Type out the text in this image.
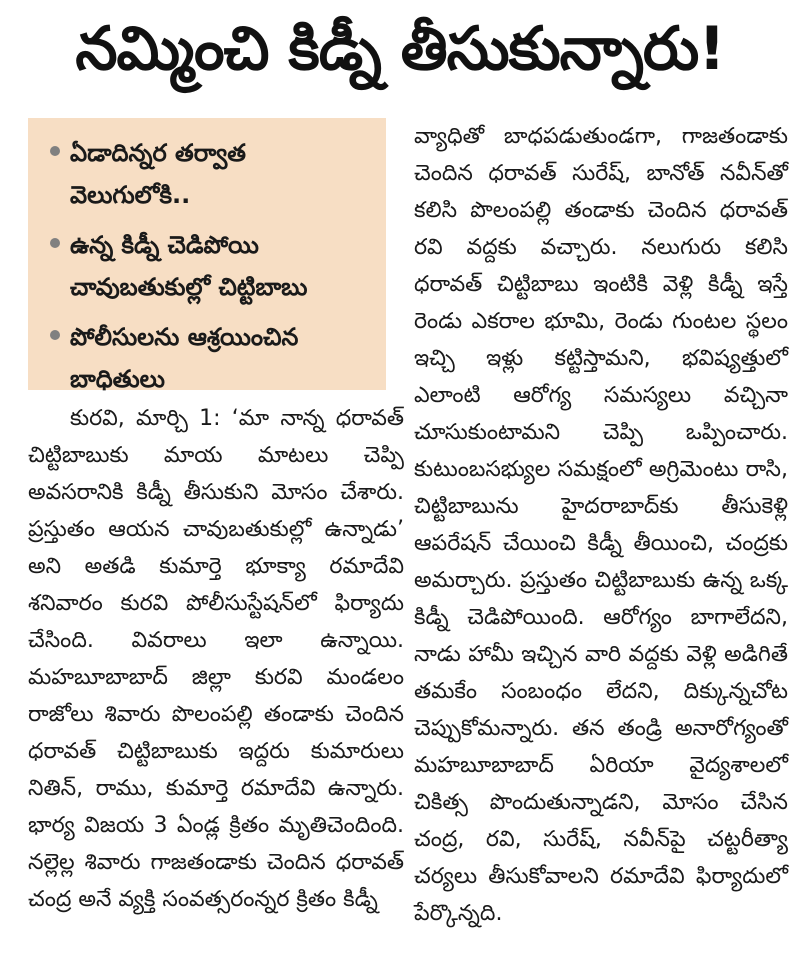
నమ్మించి కిడ్నీ తీసుకున్నారు!
ఏడాదిన్నర తర్వాత వెలుగులోకి..
ఉన్న కిడ్నీ చెడిపోయి చావుబతుకుల్లో చిట్టిబాబు
పోలీసులను ఆశ్రయించిన బాధితులు

కురవి, మార్చి 1: ‘మా నాన్న ధరావత్ చిట్టిబాబుకు మాయ మాటలు చెప్పి అవసరానికి కిడ్నీ తీసుకుని మోసం చేశారు. ప్రస్తుతం ఆయన చావుబతుకుల్లో ఉన్నాడు’ అని అతడి కుమార్తె భూక్యా రమాదేవి శనివారం కురవి పోలీసుస్టేషన్‌లో ఫిర్యాదు చేసింది. వివరాలు ఇలా ఉన్నాయి. మహబూబాబాద్ జిల్లా కురవి మండలం రాజోలు శివారు పొలంపల్లి తండాకు చెందిన ధరావత్ చిట్టిబాబుకు ఇద్దరు కుమారులు నితిన్, రాము, కుమార్తె రమాదేవి ఉన్నారు. భార్య విజయ 3 ఏండ్ల క్రితం మృతిచెందింది. నల్లెల్ల శివారు గాజతండాకు చెందిన ధరావత్ చంద్ర అనే వ్యక్తి సంవత్సరంన్నర క్రితం కిడ్నీ

వ్యాధితో బాధపడుతుండగా, గాజతండాకు చెందిన ధరావత్ సురేష్, బానోత్ నవీన్‌తో కలిసి పొలంపల్లి తండాకు చెందిన ధరావత్ రవి వద్దకు వచ్చారు. నలుగురు కలిసి ధరావత్ చిట్టిబాబు ఇంటికి వెళ్లి కిడ్నీ ఇస్తే రెండు ఎకరాల భూమి, రెండు గుంటల స్థలం ఇచ్చి ఇళ్లు కట్టిస్తామని, భవిష్యత్తులో ఎలాంటి ఆరోగ్య సమస్యలు వచ్చినా చూసుకుంటామని చెప్పి ఒప్పించారు. కుటుంబసభ్యుల సమక్షంలో అగ్రిమెంటు రాసి, చిట్టిబాబును హైదరాబాద్‌కు తీసుకెళ్లి ఆపరేషన్ చేయించి కిడ్నీ తీయించి, చంద్రకు అమర్చారు. ప్రస్తుతం చిట్టిబాబుకు ఉన్న ఒక్క కిడ్నీ చెడిపోయింది. ఆరోగ్యం బాగాలేదని, నాడు హామీ ఇచ్చిన వారి వద్దకు వెళ్లి అడిగితే తమకేం సంబంధం లేదని, దిక్కున్నచోట చెప్పుకోమన్నారు. తన తండ్రి అనారోగ్యంతో మహబూబాబాద్ ఏరియా వైద్యశాలలో చికిత్స పొందుతున్నాడని, మోసం చేసిన చంద్ర, రవి, సురేష్, నవీన్‌పై చట్టరీత్యా చర్యలు తీసుకోవాలని రమాదేవి ఫిర్యాదులో పేర్కొన్నది.
